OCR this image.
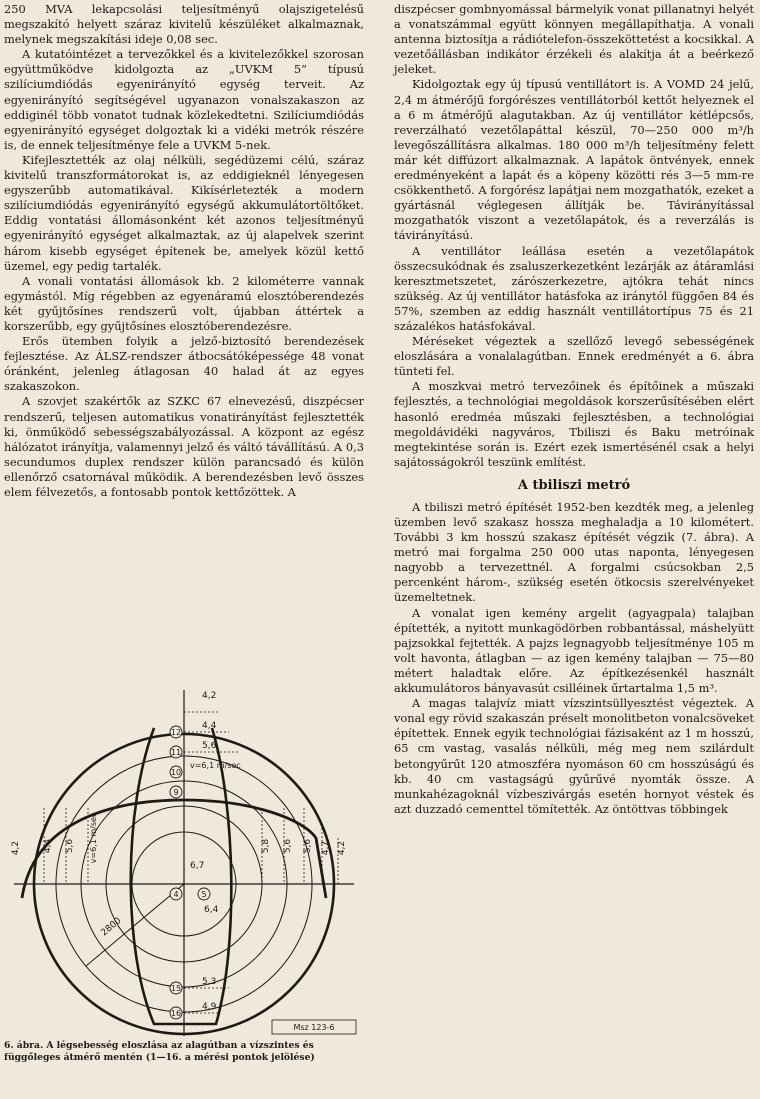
250 MVA lekapcsolási teljesítményű olajszigetelésű megszakító helyett száraz kivitelű készüléket alkalmaznak, melynek megszakítási ideje 0,08 sec.

A kutatóintézet a tervezőkkel és a kivitelezőkkel szorosan együttműködve kidolgozta az „UVKM 5” típusú szilíciumdiódás egyenirányító egység terveit. Az egyenirányító segítségével ugyanazon vonalszakaszon az eddiginél több vonatot tudnak közlekedtetni. Szilíciumdiódás egyenirányító egységet dolgoztak ki a vidéki metrók részére is, de ennek teljesítménye fele a UVKM 5-nek.

Kifejlesztették az olaj nélküli, segédüzemi célú, száraz kivitelű transzformátorokat is, az eddigieknél lényegesen egyszerűbb automatikával. Kikísérletezték a modern szilíciumdiódás egyenirányító egységű akkumulátortöltőket. Eddig vontatási állomásonként két azonos teljesítményű egyenirányító egységet alkalmaztak, az új alapelvek szerint három kisebb egységet építenek be, amelyek közül kettő üzemel, egy pedig tartalék.

A vonali vontatási állomások kb. 2 kilométerre vannak egymástól. Míg régebben az egyenáramú elosztóberendezés két gyűjtősínes rendszerű volt, újabban áttértek a korszerűbb, egy gyűjtősínes elosztóberendezésre.

Erős ütemben folyik a jelző-biztosító berendezések fejlesztése. Az ÁLSZ-rendszer átbocsátóképessége 48 vonat óránként, jelenleg átlagosan 40 halad át az egyes szakaszokon.

A szovjet szakértők az SZKC 67 elnevezésű, diszpécser rendszerű, teljesen automatikus vonatirányítást fejlesztették ki, önműködő sebességszabályozással. A központ az egész hálózatot irányítja, valamennyi jelző és váltó távállítású. A 0,3 secundumos duplex rendszer külön parancsadó és külön ellenőrző csatornával működik. A berendezésben levő összes elem félvezetős, a fontosabb pontok kettőzöttek. A

12
11
10
9
15
16
4	5
4,2
4,4
5,6
6,4
5,3
4,9
6,7
v=6,1 m/sec
2800
4,2 4,4 5,6 v=6,1 m/sec	5,8 5,6 5,6 4,7 4,2
Msz 123-6

6. ábra. A légsebesség eloszlása az alagútban a vízszintes és függőleges átmérő mentén (1—16. a mérési pontok jelölése)

diszpécser gombnyomással bármelyik vonat pillanatnyi helyét a vonatszámmal együtt könnyen megállapíthatja. A vonali antenna biztosítja a rádiótelefon-összeköttetést a kocsikkal. A vezetőállásban indikátor érzékeli és alakítja át a beérkező jeleket.

Kidolgoztak egy új típusú ventillátort is. A VOMD 24 jelű, 2,4 m átmérőjű forgórészes ventillátorból kettőt helyeznek el a 6 m átmérőjű alagutakban. Az új ventillátor kétlépcsős, reverzálható vezetőlapáttal készül, 70—250 000 m³/h levegőszállításra alkalmas. 180 000 m³/h teljesítmény felett már két diffúzort alkalmaznak. A lapátok öntvények, ennek eredményeként a lapát és a köpeny közötti rés 3—5 mm-re csökkenthető. A forgórész lapátjai nem mozgathatók, ezeket a gyártásnál véglegesen állítják be. Távirányítással mozgathatók viszont a vezetőlapátok, és a reverzálás is távirányítású.

A ventillátor leállása esetén a vezetőlapátok összecsukódnak és zsaluszerkezetként lezárják az átáramlási keresztmetszetet, zárószerkezetre, ajtókra tehát nincs szükség. Az új ventillátor hatásfoka az iránytól függően 84 és 57%, szemben az eddig használt ventillátortípus 75 és 21 százalékos hatásfokával.

Méréseket végeztek a szellőző levegő sebességének eloszlására a vonalalagútban. Ennek eredményét a 6. ábra tünteti fel.

A moszkvai metró tervezőinek és építőinek a műszaki fejlesztés, a technológiai megoldások korszerűsítésében elért hasonló eredméa műszaki fejlesztésben, a technológiai megoldávidéki nagyváros, Tbiliszi és Baku metróinak megtekintése során is. Ezért ezek ismertésénél csak a helyi sajátosságokról teszünk említést.

A tbiliszi metró

A tbiliszi metró építését 1952-ben kezdték meg, a jelenleg üzemben levő szakasz hossza meghaladja a 10 kilométert. További 3 km hosszú szakasz építését végzik (7. ábra). A metró mai forgalma 250 000 utas naponta, lényegesen nagyobb a tervezettnél. A forgalmi csúcsokban 2,5 percenként három-, szükség esetén ötkocsis szerelvényeket üzemeltetnek.

A vonalat igen kemény argelit (agyagpala) talajban építették, a nyitott munkagödörben robbantással, máshelyütt pajzsokkal fejtették. A pajzs legnagyobb teljesítménye 105 m volt havonta, átlagban — az igen kemény talajban — 75—80 métert haladtak előre. Az építkezésenkél használt akkumulátoros bányavasút csilléinek űrtartalma 1,5 m³.

A magas talajvíz miatt vízszintsüllyesztést végeztek. A vonal egy rövid szakaszán préselt monolitbeton vonalcsöveket építettek. Ennek egyik technológiai fázisaként az 1 m hosszú, 65 cm vastag, vasalás nélküli, még meg nem szilárdult betongyűrűt 120 atmoszféra nyomáson 60 cm hosszúságú és kb. 40 cm vastagságú gyűrűvé nyomták össze. A munkahézagoknál vízbeszivárgás esetén hornyot véstek és azt duzzadó cementtel tömítették. Az öntöttvas többingek
